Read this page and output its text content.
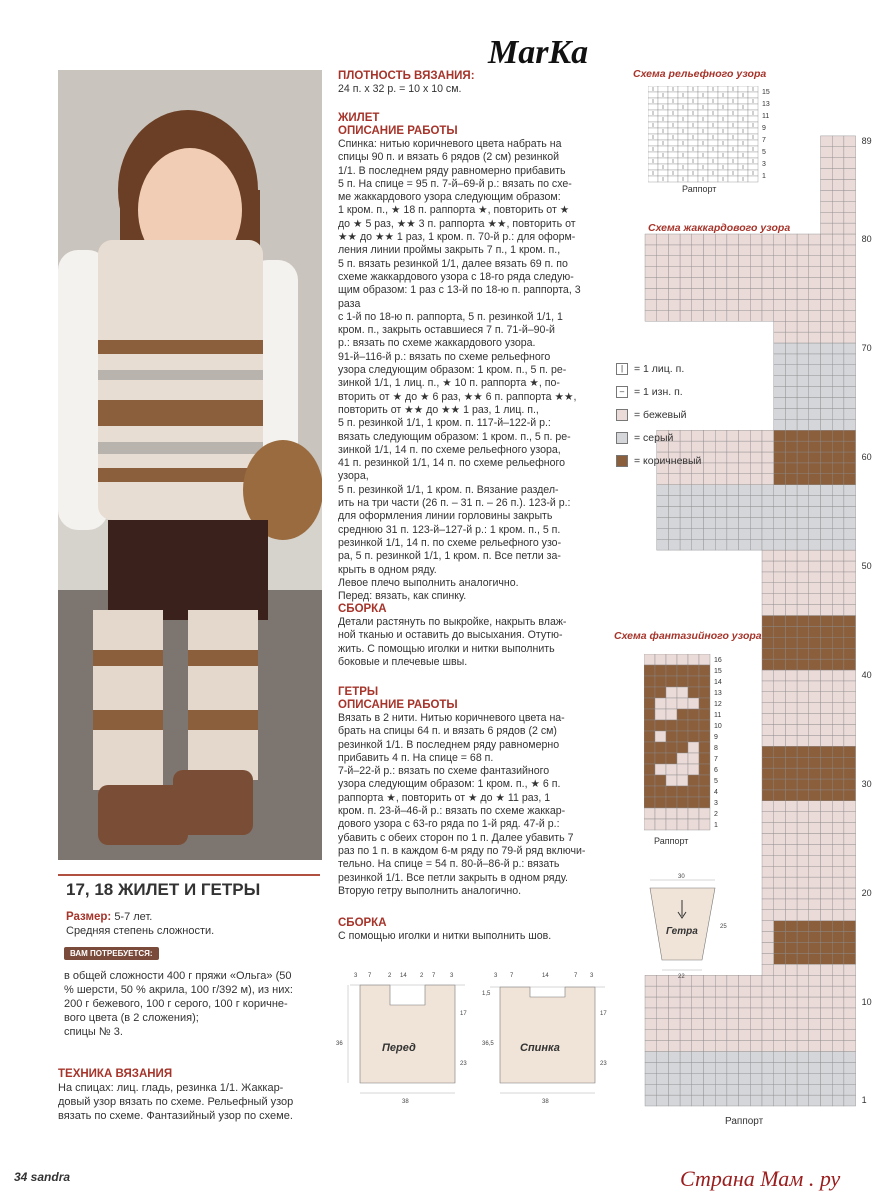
MarKa
ПЛОТНОСТЬ ВЯЗАНИЯ:
24 п. х 32 р. = 10 х 10 см.
ЖИЛЕТ
ОПИСАНИЕ РАБОТЫ
Спинка: нитью коричневого цвета набрать на
спицы 90 п. и вязать 6 рядов (2 см) резинкой
1/1. В последнем ряду равномерно прибавить
5 п. На спице = 95 п. 7-й–69-й р.: вязать по схе-
ме жаккардового узора следующим образом:
1 кром. п., ★ 18 п. раппорта ★, повторить от ★
до ★ 5 раз, ★★ 3 п. раппорта ★★, повторить от
★★ до ★★ 1 раз, 1 кром. п. 70-й р.: для оформ-
ления линии проймы закрыть 7 п., 1 кром. п.,
5 п. вязать резинкой 1/1, далее вязать 69 п. по
схеме жаккардового узора с 18-го ряда следую-
щим образом: 1 раз с 13-й по 18-ю п. раппорта, 3 раза
с 1-й по 18-ю п. раппорта, 5 п. резинкой 1/1, 1
кром. п., закрыть оставшиеся 7 п. 71-й–90-й
р.: вязать по схеме жаккардового узора.
91-й–116-й р.: вязать по схеме рельефного
узора следующим образом: 1 кром. п., 5 п. ре-
зинкой 1/1, 1 лиц. п., ★ 10 п. раппорта ★, по-
вторить от ★ до ★ 6 раз, ★★ 6 п. раппорта ★★,
повторить от ★★ до ★★ 1 раз, 1 лиц. п.,
5 п. резинкой 1/1, 1 кром. п. 117-й–122-й р.:
вязать следующим образом: 1 кром. п., 5 п. ре-
зинкой 1/1, 14 п. по схеме рельефного узора,
41 п. резинкой 1/1, 14 п. по схеме рельефного узора,
5 п. резинкой 1/1, 1 кром. п. Вязание раздел-
ить на три части (26 п. – 31 п. – 26 п.). 123-й р.:
для оформления линии горловины закрыть
среднюю 31 п. 123-й–127-й р.: 1 кром. п., 5 п.
резинкой 1/1, 14 п. по схеме рельефного узо-
ра, 5 п. резинкой 1/1, 1 кром. п. Все петли за-
крыть в одном ряду.
Левое плечо выполнить аналогично.
Перед: вязать, как спинку.
СБОРКА
Детали растянуть по выкройке, накрыть влаж-
ной тканью и оставить до высыхания. Отутю-
жить. С помощью иголки и нитки выполнить
боковые и плечевые швы.
ГЕТРЫ
ОПИСАНИЕ РАБОТЫ
Вязать в 2 нити. Нитью коричневого цвета на-
брать на спицы 64 п. и вязать 6 рядов (2 см)
резинкой 1/1. В последнем ряду равномерно
прибавить 4 п. На спице = 68 п.
7-й–22-й р.: вязать по схеме фантазийного
узора следующим образом: 1 кром. п., ★ 6 п.
раппорта ★, повторить от ★ до ★ 11 раз, 1
кром. п. 23-й–46-й р.: вязать по схеме жаккар-
дового узора с 63-го ряда по 1-й ряд. 47-й р.:
убавить с обеих сторон по 1 п. Далее убавить 7
раз по 1 п. в каждом 6-м ряду по 79-й ряд включи-
тельно. На спице = 54 п. 80-й–86-й р.: вязать
резинкой 1/1. Все петли закрыть в одном ряду.
Вторую гетру выполнить аналогично.
СБОРКА
С помощью иголки и нитки выполнить шов.
17, 18 ЖИЛЕТ И ГЕТРЫ
Размер: 5-7 лет.
Средняя степень сложности.
ВАМ ПОТРЕБУЕТСЯ:
в общей сложности 400 г пряжи «Ольга» (50
% шерсти, 50 % акрила, 100 г/392 м), из них:
200 г бежевого, 100 г серого, 100 г коричне-
вого цвета (в 2 сложения);
спицы № 3.
ТЕХНИКА ВЯЗАНИЯ
На спицах: лиц. гладь, резинка 1/1. Жаккар-
довый узор вязать по схеме. Рельефный узор
вязать по схеме. Фантазийный узор по схеме.
Перед
3 7	2 14 2 7 3
17
36
23
38
Спинка
3 7	14	7 3
1,5
17
36,5
23
38
Схема рельефного узора
15
13
11
9
7
5
3
1
Раппорт
Схема жаккардового узора
89
80
70
60
50
40
30
20
10
1
Раппорт
|	= 1 лиц. п.
– = 1 изн. п.
= бежевый
= серый
= коричневый
Схема фантазийного узора
16
15
14
13
12
11
10
9
8
7
6
5
4
3
2
1
Раппорт
30
25
22
Гетра
34 sandra	Страна Мам . ру
